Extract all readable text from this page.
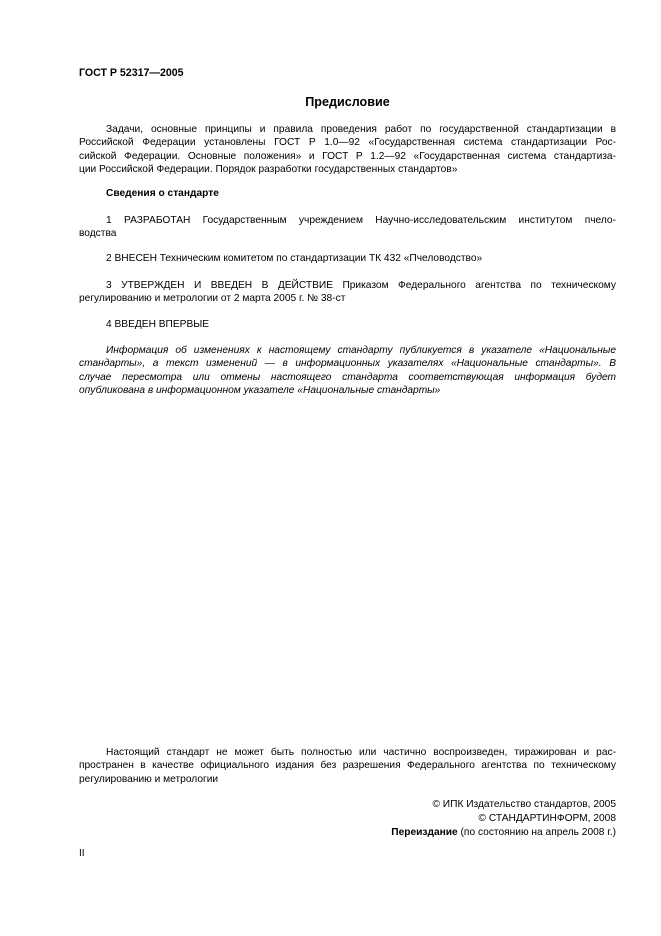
ГОСТ Р 52317—2005
Предисловие
Задачи, основные принципы и правила проведения работ по государственной стандартизации в
Российской Федерации установлены ГОСТ Р 1.0—92 «Государственная система стандартизации Рос-
сийской Федерации. Основные положения» и ГОСТ Р 1.2—92 «Государственная система стандартиза-
ции Российской Федерации. Порядок разработки государственных стандартов»
Сведения о стандарте
1 РАЗРАБОТАН Государственным учреждением Научно-исследовательским институтом пчело-
водства
2 ВНЕСЕН Техническим комитетом по стандартизации ТК 432 «Пчеловодство»
3 УТВЕРЖДЕН И ВВЕДЕН В ДЕЙСТВИЕ Приказом Федерального агентства по техническому
регулированию и метрологии от 2 марта 2005 г. № 38-ст
4 ВВЕДЕН ВПЕРВЫЕ
Информация об изменениях к настоящему стандарту публикуется в указателе «Национальные
стандарты», а текст изменений — в информационных указателях «Национальные стандарты». В
случае пересмотра или отмены настоящего стандарта соответствующая информация будет
опубликована в информационном указателе «Национальные стандарты»
Настоящий стандарт не может быть полностью или частично воспроизведен, тиражирован и рас-
пространен в качестве официального издания без разрешения Федерального агентства по техническому
регулированию и метрологии
© ИПК Издательство стандартов, 2005
© СТАНДАРТИНФОРМ, 2008
Переиздание (по состоянию на апрель 2008 г.)
II
